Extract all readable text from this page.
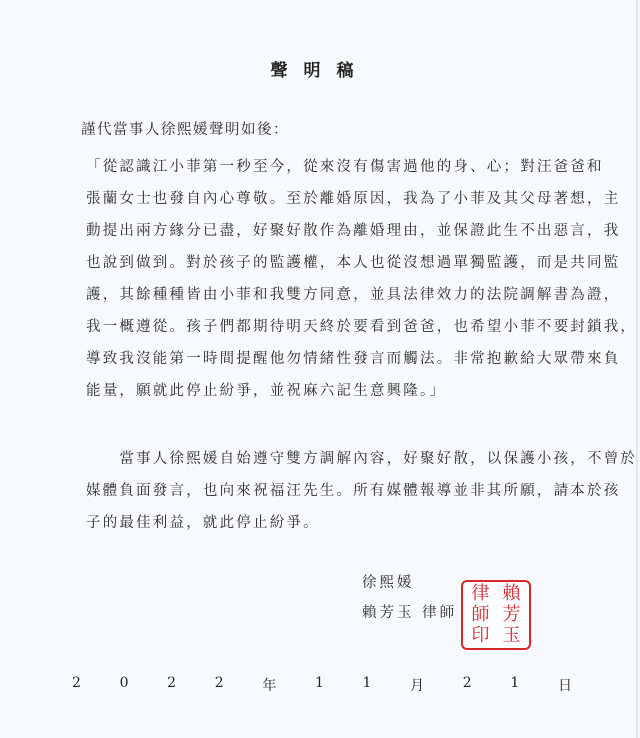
聲明稿
謹代當事人徐熙媛聲明如後：
「從認識江小菲第一秒至今，從來沒有傷害過他的身、心；對汪爸爸和
張蘭女士也發自內心尊敬。至於離婚原因，我為了小菲及其父母著想，主
動提出兩方緣分已盡，好聚好散作為離婚理由，並保證此生不出惡言，我
也說到做到。對於孩子的監護權，本人也從沒想過單獨監護，而是共同監
護，其餘種種皆由小菲和我雙方同意，並具法律效力的法院調解書為證，
我一概遵從。孩子們都期待明天終於要看到爸爸，也希望小菲不要封鎖我，
導致我沒能第一時間提醒他勿情緒性發言而觸法。非常抱歉給大眾帶來負
能量，願就此停止紛爭，並祝麻六記生意興隆。」
　　當事人徐熙媛自始遵守雙方調解內容，好聚好散，以保護小孩，不曾於
媒體負面發言，也向來祝福汪先生。所有媒體報導並非其所願，請本於孩
子的最佳利益，就此停止紛爭。
徐熙媛
賴芳玉 律師
律
師
印
賴
芳
玉
2	0	2	2	年	1	1	月	2	1	日
